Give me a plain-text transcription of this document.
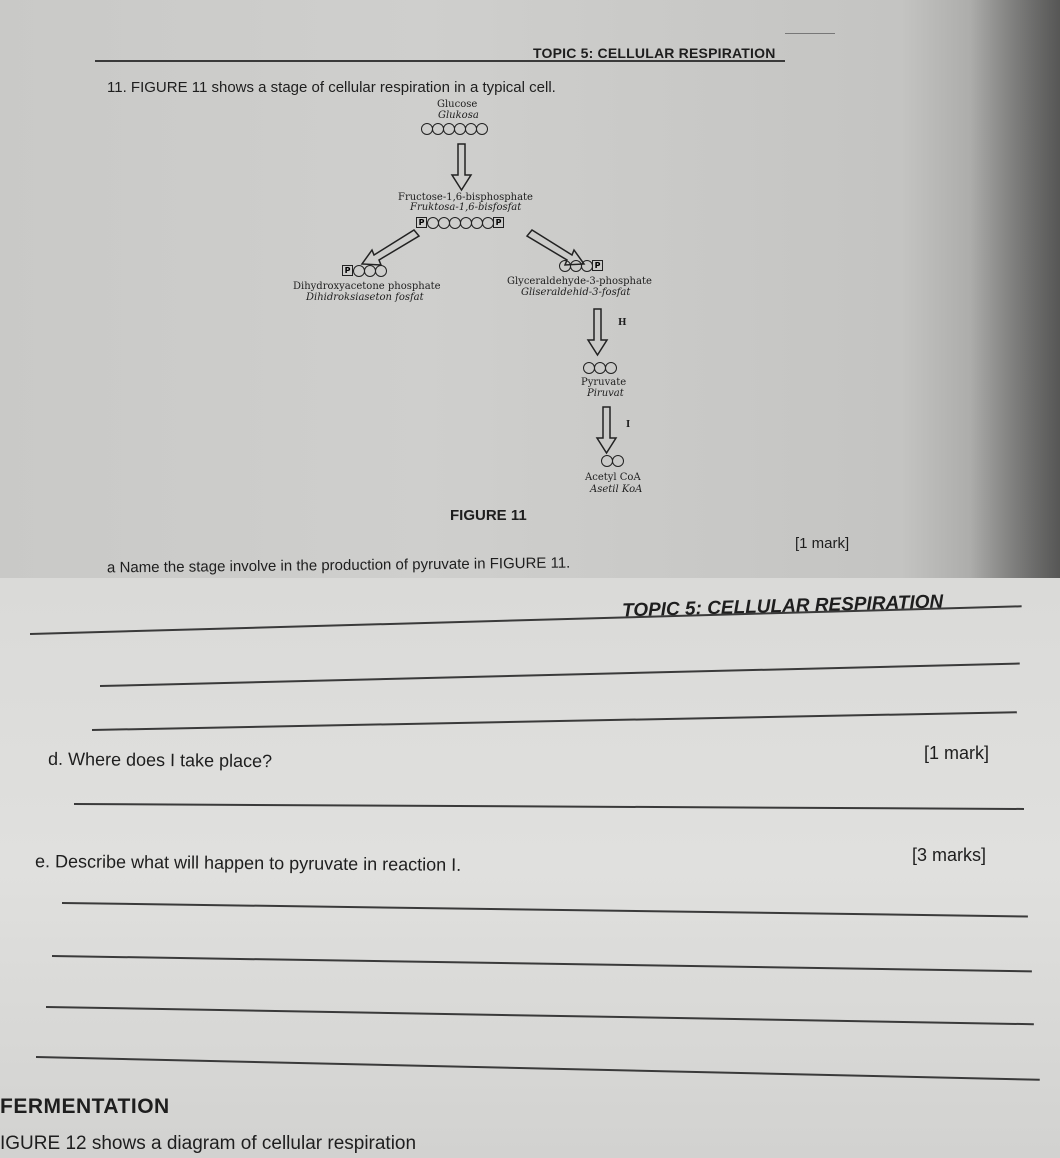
TOPIC 5: CELLULAR RESPIRATION
11. FIGURE 11 shows a stage of cellular respiration in a typical cell.
Glucose
Glukosa
Fructose-1,6-bisphosphate
Fruktosa-1,6-bisfosfat
P	P
P
Dihydroxyacetone phosphate
Dihidroksiaseton fosfat
P
Glyceraldehyde-3-phosphate
Gliseraldehid-3-fosfat
H
Pyruvate
Piruvat
I
Acetyl CoA
Asetil KoA
FIGURE 11
a Name the stage involve in the production of pyruvate in FIGURE 11.
[1 mark]
TOPIC 5: CELLULAR RESPIRATION
d. Where does I take place?	[1 mark]
e. Describe what will happen to pyruvate in reaction I.	[3 marks]
FERMENTATION
IGURE 12 shows a diagram of cellular respiration
